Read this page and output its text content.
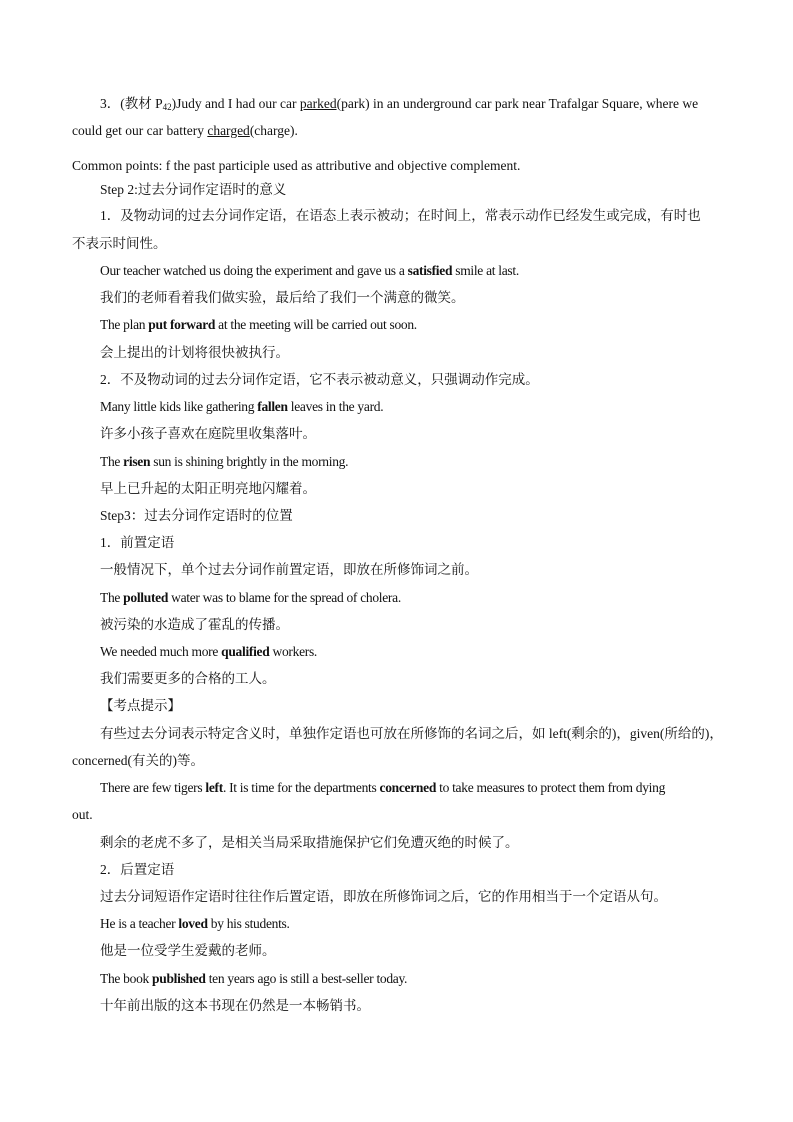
3．(教材 $P_{42})Judy$ and I had our car parked(park) in an underground car park near Trafalgar Square, where we
could get our car battery charged(charge).
Common points: f the past participle used as attributive and objective complement.
Step 2:过去分词作定语时的意义
1．及物动词的过去分词作定语，在语态上表示被动；在时间上，常表示动作已经发生或完成，有时也
不表示时间性。
Our teacher watched us doing the experiment and gave us a satisfied smile at last.
我们的老师看着我们做实验，最后给了我们一个满意的微笑。
The plan put forward at the meeting will be carried out soon.
会上提出的计划将很快被执行。
2．不及物动词的过去分词作定语，它不表示被动意义，只强调动作完成。
Many little kids like gathering fallen leaves in the yard.
许多小孩子喜欢在庭院里收集落叶。
The risen sun is shining brightly in the morning.
早上已升起的太阳正明亮地闪耀着。
Step3：过去分词作定语时的位置
1．前置定语
一般情况下，单个过去分词作前置定语，即放在所修饰词之前。
The polluted water was to blame for the spread of cholera.
被污染的水造成了霍乱的传播。
We needed much more qualified workers.
我们需要更多的合格的工人。
【考点提示】
有些过去分词表示特定含义时，单独作定语也可放在所修饰的名词之后，如 left(剩余的)，given(所给的)，
concerned(有关的)等。
There are few tigers left. It is time for the departments concerned to take measures to protect them from dying
out.
剩余的老虎不多了，是相关当局采取措施保护它们免遭灭绝的时候了。
2．后置定语
过去分词短语作定语时往往作后置定语，即放在所修饰词之后，它的作用相当于一个定语从句。
He is a teacher loved by his students.
他是一位受学生爱戴的老师。
The book published ten years ago is still a best-seller today.
十年前出版的这本书现在仍然是一本畅销书。
